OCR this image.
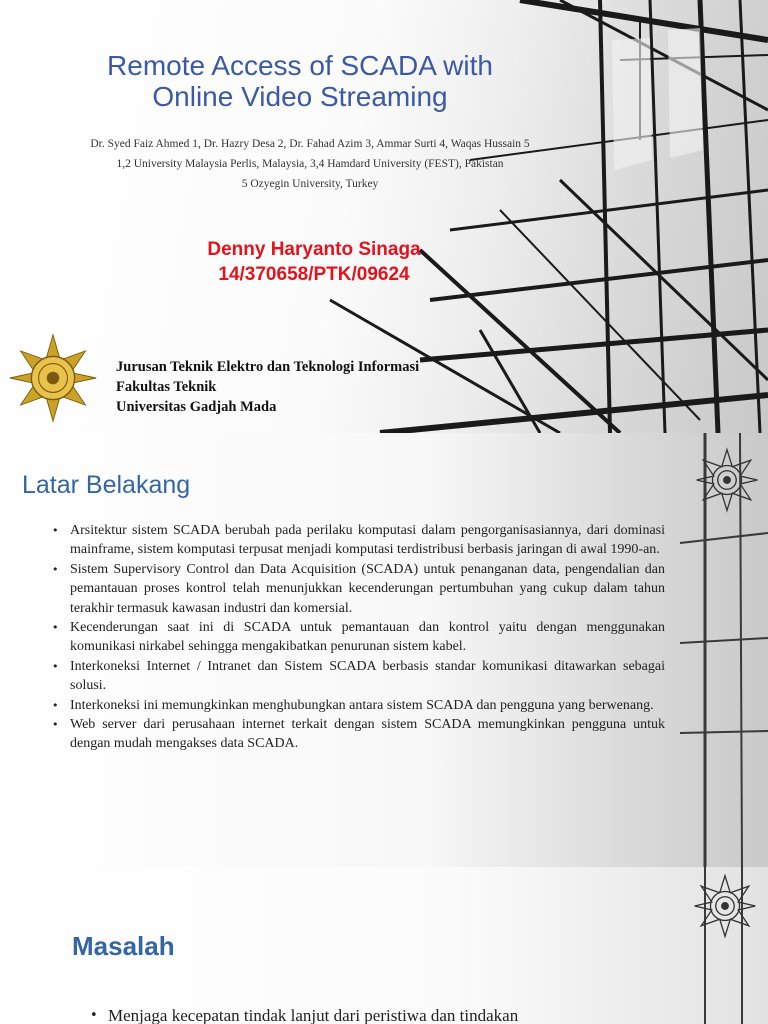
Remote Access of SCADA with
Online Video Streaming
Dr. Syed Faiz Ahmed 1, Dr. Hazry Desa 2, Dr. Fahad Azim 3, Ammar Surti 4, Waqas Hussain 5
1,2 University Malaysia Perlis, Malaysia, 3,4 Hamdard University (FEST), Pakistan
5 Ozyegin University, Turkey
Denny Haryanto Sinaga
14/370658/PTK/09624
Jurusan Teknik Elektro dan Teknologi Informasi
Fakultas Teknik
Universitas Gadjah Mada
Latar Belakang
• Arsitektur sistem SCADA berubah pada perilaku komputasi dalam pengorganisasiannya, dari dominasi mainframe, sistem komputasi terpusat menjadi komputasi terdistribusi berbasis jaringan di awal 1990-an.
• Sistem Supervisory Control dan Data Acquisition (SCADA) untuk penanganan data, pengendalian dan pemantauan proses kontrol telah menunjukkan kecenderungan pertumbuhan yang cukup dalam tahun terakhir termasuk kawasan industri dan komersial.
• Kecenderungan saat ini di SCADA untuk pemantauan dan kontrol yaitu dengan menggunakan komunikasi nirkabel sehingga mengakibatkan penurunan sistem kabel.
• Interkoneksi Internet / Intranet dan Sistem SCADA berbasis standar komunikasi ditawarkan sebagai solusi.
• Interkoneksi ini memungkinkan menghubungkan antara sistem SCADA dan pengguna yang berwenang.
• Web server dari perusahaan internet terkait dengan sistem SCADA memungkinkan pengguna untuk dengan mudah mengakses data SCADA.
Masalah
• Menjaga kecepatan tindak lanjut dari peristiwa dan tindakan
